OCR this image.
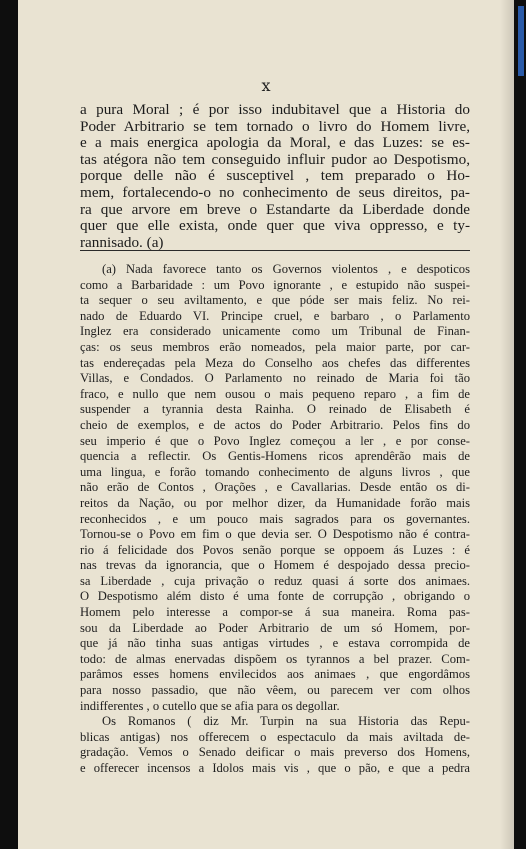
x
a pura Moral ; é por isso indubitavel que a Historia do
Poder Arbitrario se tem tornado o livro do Homem livre,
e a mais energica apologia da Moral, e das Luzes: se es-
tas atégora não tem conseguido influir pudor ao Despotismo,
porque delle não é susceptivel , tem preparado o Ho-
mem, fortalecendo-o no conhecimento de seus direitos, pa-
ra que arvore em breve o Estandarte da Liberdade donde
quer que elle exista, onde quer que viva oppresso, e ty-
rannisado. (a)
(a) Nada favorece tanto os Governos violentos , e despoticos
como a Barbaridade : um Povo ignorante , e estupido não suspei-
ta sequer o seu aviltamento, e que póde ser mais feliz. No rei-
nado de Eduardo VI. Principe cruel, e barbaro , o Parlamento
Inglez era considerado unicamente como um Tribunal de Finan-
ças: os seus membros erão nomeados, pela maior parte, por car-
tas endereçadas pela Meza do Conselho aos chefes das differentes
Villas, e Condados. O Parlamento no reinado de Maria foi tão
fraco, e nullo que nem ousou o mais pequeno reparo , a fim de
suspender a tyrannia desta Rainha. O reinado de Elisabeth é
cheio de exemplos, e de actos do Poder Arbitrario. Pelos fins do
seu imperio é que o Povo Inglez começou a ler , e por conse-
quencia a reflectir. Os Gentis-Homens ricos aprendêrão mais de
uma lingua, e forão tomando conhecimento de alguns livros , que
não erão de Contos , Orações , e Cavallarias. Desde então os di-
reitos da Nação, ou por melhor dizer, da Humanidade forão mais
reconhecidos , e um pouco mais sagrados para os governantes.
Tornou-se o Povo em fim o que devia ser. O Despotismo não é contra-
rio á felicidade dos Povos senão porque se oppoem ás Luzes : é
nas trevas da ignorancia, que o Homem é despojado dessa precio-
sa Liberdade , cuja privação o reduz quasi á sorte dos animaes.
O Despotismo além disto é uma fonte de corrupção , obrigando o
Homem pelo interesse a compor-se á sua maneira. Roma pas-
sou da Liberdade ao Poder Arbitrario de um só Homem, por-
que já não tinha suas antigas virtudes , e estava corrompida de
todo: de almas enervadas dispõem os tyrannos a bel prazer. Com-
parâmos esses homens envilecidos aos animaes , que engordâmos
para nosso passadio, que não vêem, ou parecem ver com olhos
indifferentes , o cutello que se afia para os degollar.
Os Romanos ( diz Mr. Turpin na sua Historia das Repu-
blicas antigas) nos offerecem o espectaculo da mais aviltada de-
gradação. Vemos o Senado deificar o mais preverso dos Homens,
e offerecer incensos a Idolos mais vis , que o pão, e que a pedra
